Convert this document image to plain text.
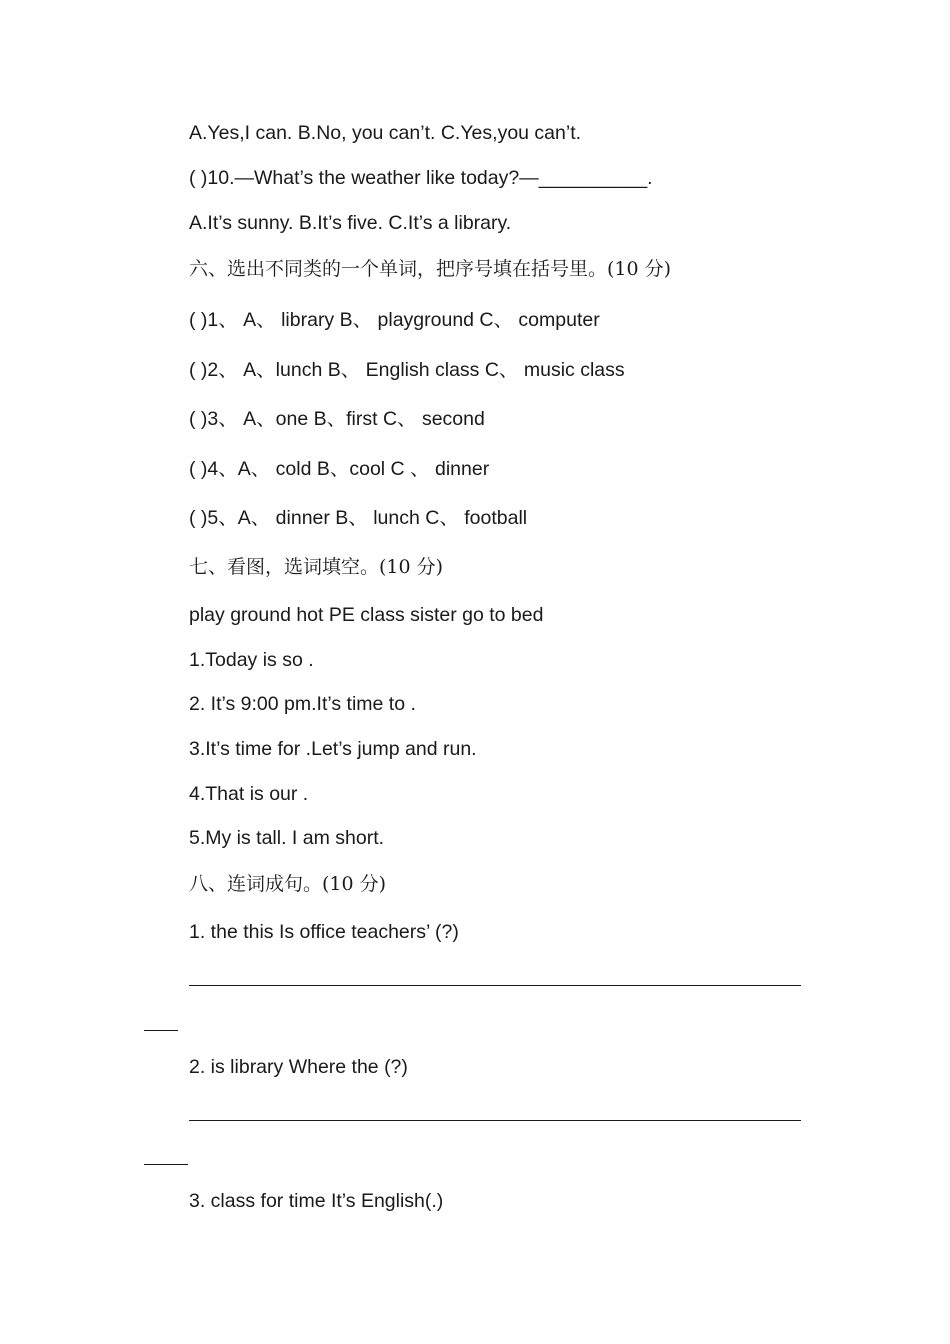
A.Yes,I can. B.No, you can’t. C.Yes,you can’t.
( )10.—What’s the weather like today?—__________.
A.It’s sunny. B.It’s five. C.It’s a library.
六、选出不同类的一个单词，把序号填在括号里。(10 分)
( )1、 A、 library B、 playground C、 computer
( )2、 A、lunch B、 English class C、 music class
( )3、 A、one B、first C、 second
( )4、A、 cold B、cool C 、 dinner
( )5、A、 dinner B、 lunch C、 football
七、看图，选词填空。(10 分)
play ground hot PE class sister go to bed
1.Today is so .
2. It’s 9:00 pm.It’s time to .
3.It’s time for .Let’s jump and run.
4.That is our .
5.My is tall. I am short.
八、连词成句。(10 分)
1. the this Is office teachers’ (?)
2. is library Where the (?)
3. class for time It’s English(.)
